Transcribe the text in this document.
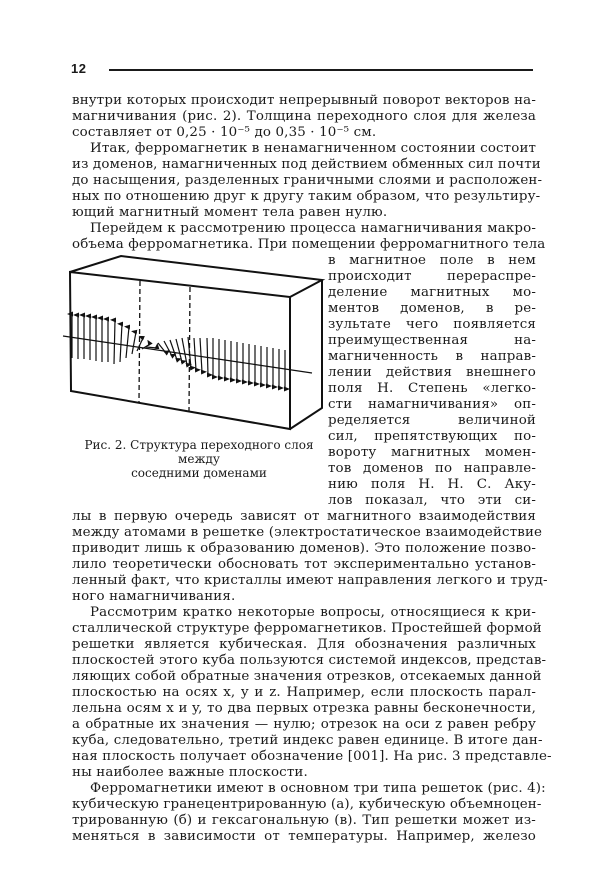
12
внутри которых происходит непрерывный поворот векторов на-
магничивания (рис. 2). Толщина переходного слоя для железа
составляет от 0,25 · 10⁻⁵ до 0,35 · 10⁻⁵ см.
Итак, ферромагнетик в ненамагниченном состоянии состоит
из доменов, намагниченных под действием обменных сил почти
до насыщения, разделенных граничными слоями и расположен-
ных по отношению друг к другу таким образом, что результиру-
ющий магнитный момент тела равен нулю.
Перейдем к рассмотрению процесса намагничивания макро-
объема ферромагнетика. При помещении ферромагнитного тела
Рис. 2. Структура переходного слоя между
соседними доменами
в магнитное поле в нем
происходит перераспре-
деление магнитных мо-
ментов доменов, в ре-
зультате чего появляется
преимущественная на-
магниченность в направ-
лении действия внешнего
поля H. Степень «легко-
сти намагничивания» оп-
ределяется величиной
сил, препятствующих по-
вороту магнитных момен-
тов доменов по направле-
нию поля H. Н. С. Аку-
лов показал, что эти си-
лы в первую очередь зависят от магнитного взаимодействия
между атомами в решетке (электростатическое взаимодействие
приводит лишь к образованию доменов). Это положение позво-
лило теоретически обосновать тот экспериментально установ-
ленный факт, что кристаллы имеют направления легкого и труд-
ного намагничивания.
Рассмотрим кратко некоторые вопросы, относящиеся к кри-
сталлической структуре ферромагнетиков. Простейшей формой
решетки является кубическая. Для обозначения различных
плоскостей этого куба пользуются системой индексов, представ-
ляющих собой обратные значения отрезков, отсекаемых данной
плоскостью на осях x, y и z. Например, если плоскость парал-
лельна осям x и y, то два первых отрезка равны бесконечности,
а обратные их значения — нулю; отрезок на оси z равен ребру
куба, следовательно, третий индекс равен единице. В итоге дан-
ная плоскость получает обозначение [001]. На рис. 3 представле-
ны наиболее важные плоскости.
Ферромагнетики имеют в основном три типа решеток (рис. 4):
кубическую гранецентрированную (а), кубическую объемноцен-
трированную (б) и гексагональную (в). Тип решетки может из-
меняться в зависимости от температуры. Например, железо
